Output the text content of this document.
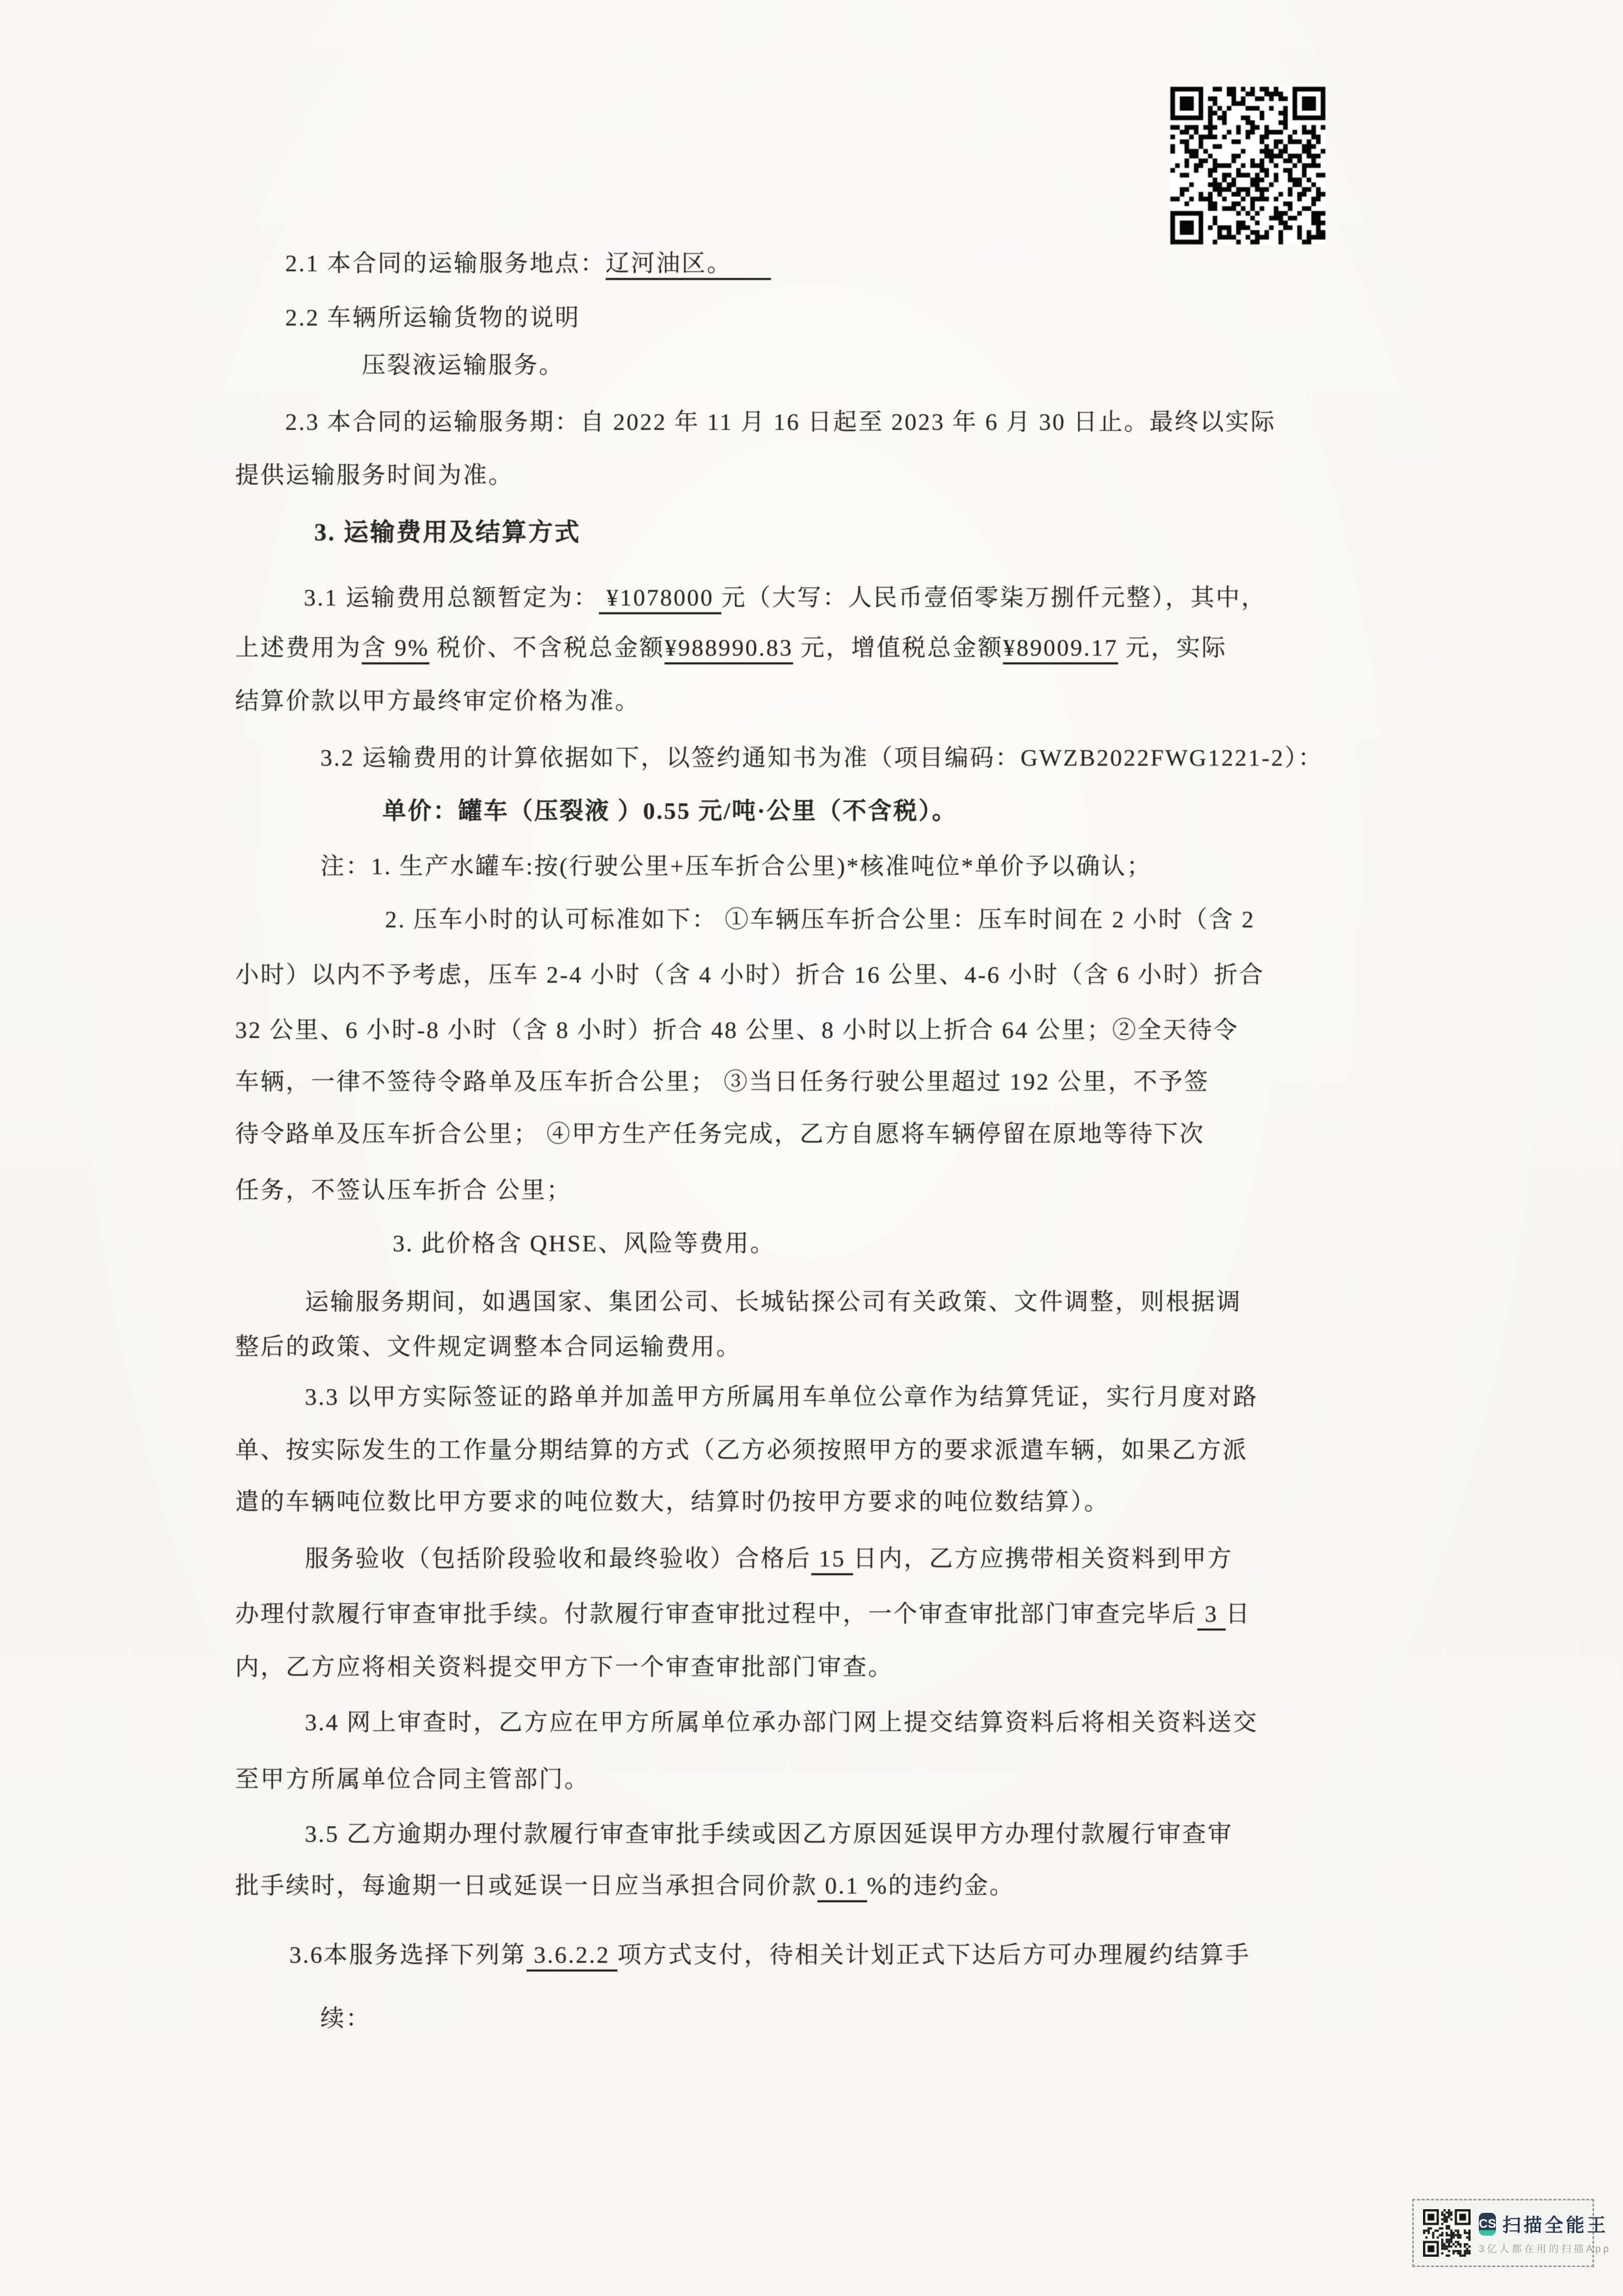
2.1 本合同的运输服务地点：辽河油区。　　
2.2 车辆所运输货物的说明
压裂液运输服务。
2.3 本合同的运输服务期：自 2022 年 11 月 16 日起至 2023 年 6 月 30 日止。最终以实际
提供运输服务时间为准。
3. 运输费用及结算方式
3.1 运输费用总额暂定为： ¥1078000 元（大写：人民币壹佰零柒万捌仟元整），其中，
上述费用为含 9% 税价、不含税总金额¥988990.83 元，增值税总金额¥89009.17 元，实际
结算价款以甲方最终审定价格为准。
3.2 运输费用的计算依据如下，以签约通知书为准（项目编码：GWZB2022FWG1221-2）：
单价：罐车（压裂液 ）0.55 元/吨·公里（不含税）。
注：1. 生产水罐车:按(行驶公里+压车折合公里)*核准吨位*单价予以确认；
2. 压车小时的认可标准如下： ①车辆压车折合公里：压车时间在 2 小时（含 2
小时）以内不予考虑，压车 2-4 小时（含 4 小时）折合 16 公里、4-6 小时（含 6 小时）折合
32 公里、6 小时-8 小时（含 8 小时）折合 48 公里、8 小时以上折合 64 公里；②全天待令
车辆，一律不签待令路单及压车折合公里； ③当日任务行驶公里超过 192 公里，不予签
待令路单及压车折合公里； ④甲方生产任务完成，乙方自愿将车辆停留在原地等待下次
任务，不签认压车折合 公里；
3. 此价格含 QHSE、风险等费用。
运输服务期间，如遇国家、集团公司、长城钻探公司有关政策、文件调整，则根据调
整后的政策、文件规定调整本合同运输费用。
3.3 以甲方实际签证的路单并加盖甲方所属用车单位公章作为结算凭证，实行月度对路
单、按实际发生的工作量分期结算的方式（乙方必须按照甲方的要求派遣车辆，如果乙方派
遣的车辆吨位数比甲方要求的吨位数大，结算时仍按甲方要求的吨位数结算）。
服务验收（包括阶段验收和最终验收）合格后 15 日内，乙方应携带相关资料到甲方
办理付款履行审查审批手续。付款履行审查审批过程中，一个审查审批部门审查完毕后 3 日
内，乙方应将相关资料提交甲方下一个审查审批部门审查。
3.4 网上审查时，乙方应在甲方所属单位承办部门网上提交结算资料后将相关资料送交
至甲方所属单位合同主管部门。
3.5 乙方逾期办理付款履行审查审批手续或因乙方原因延误甲方办理付款履行审查审
批手续时，每逾期一日或延误一日应当承担合同价款 0.1 %的违约金。
3.6本服务选择下列第 3.6.2.2 项方式支付，待相关计划正式下达后方可办理履约结算手
续：
CS 扫描全能王
3亿人都在用的扫描App
